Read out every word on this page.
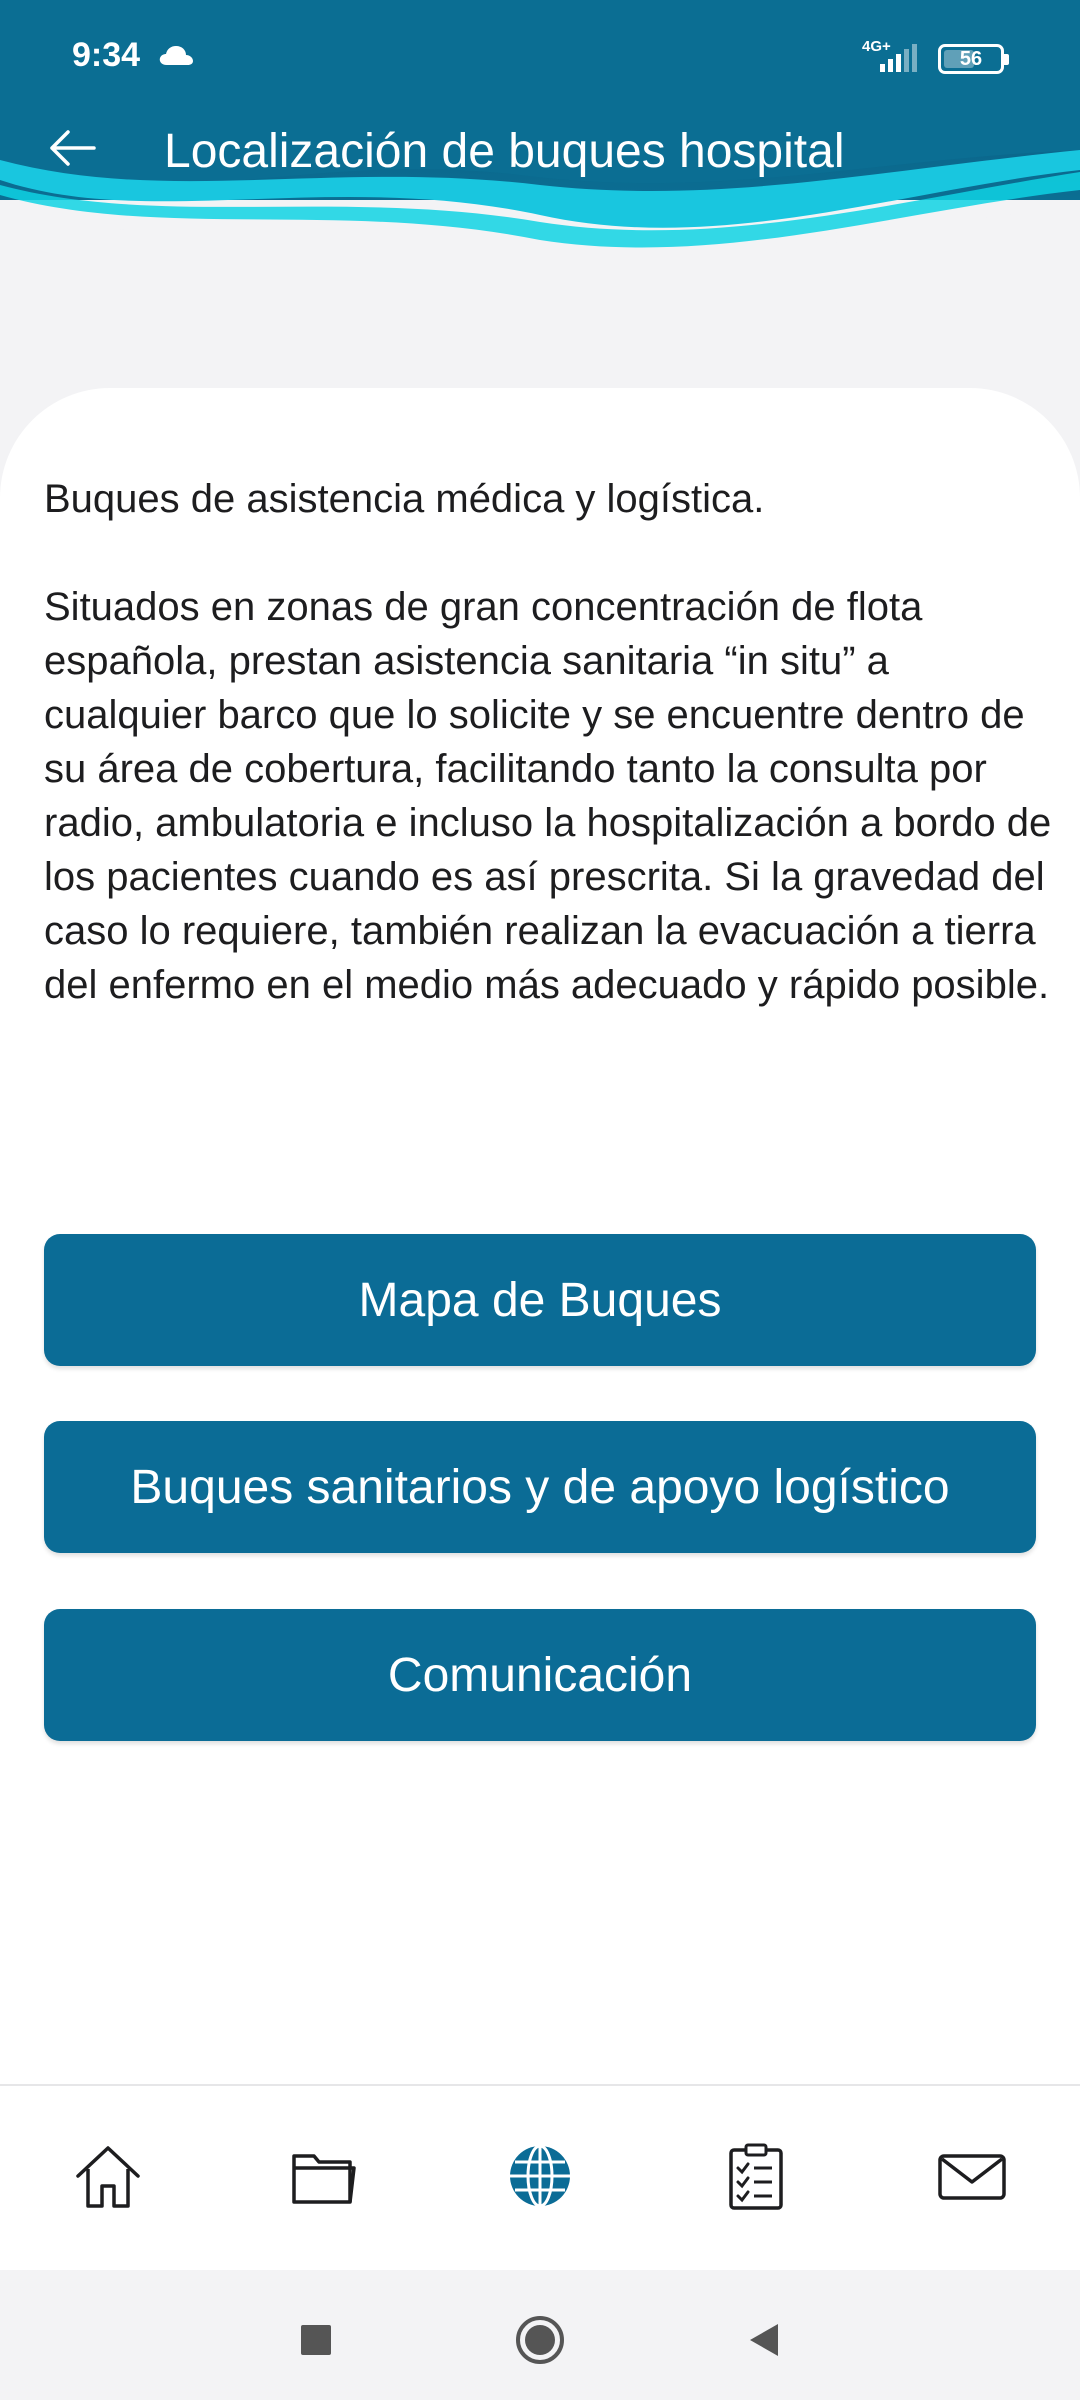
9:34	4G+
56
Localización de buques hospital

Buques de asistencia médica y logística.

Situados en zonas de gran concentración de flota española, prestan asistencia sanitaria “in situ” a cualquier barco que lo solicite y se encuentre dentro de su área de cobertura, facilitando tanto la consulta por radio, ambulatoria e incluso la hospitalización a bordo de los pacientes cuando es así prescrita. Si la gravedad del caso lo requiere, también realizan la evacuación a tierra del enfermo en el medio más adecuado y rápido posible.

Mapa de Buques
Buques sanitarios y de apoyo logístico
Comunicación
